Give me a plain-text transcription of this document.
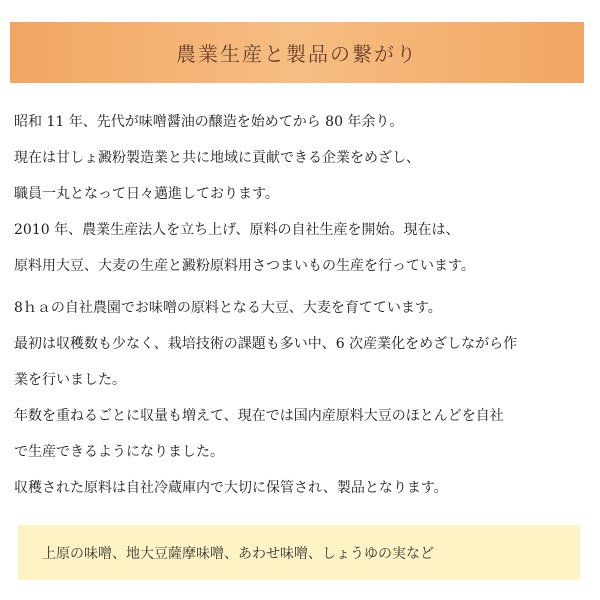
農業生産と製品の繋がり
昭和 11 年、先代が味噌醤油の醸造を始めてから 80 年余り。
現在は甘しょ澱粉製造業と共に地域に貢献できる企業をめざし、
職員一丸となって日々邁進しております。
2010 年、農業生産法人を立ち上げ、原料の自社生産を開始。現在は、
原料用大豆、大麦の生産と澱粉原料用さつまいもの生産を行っています。
8ｈａの自社農園でお味噌の原料となる大豆、大麦を育てています。
最初は収穫数も少なく、栽培技術の課題も多い中、6 次産業化をめざしながら作
業を行いました。
年数を重ねるごとに収量も増えて、現在では国内産原料大豆のほとんどを自社
で生産できるようになりました。
収穫された原料は自社冷蔵庫内で大切に保管され、製品となります。
上原の味噌、地大豆薩摩味噌、あわせ味噌、しょうゆの実など
